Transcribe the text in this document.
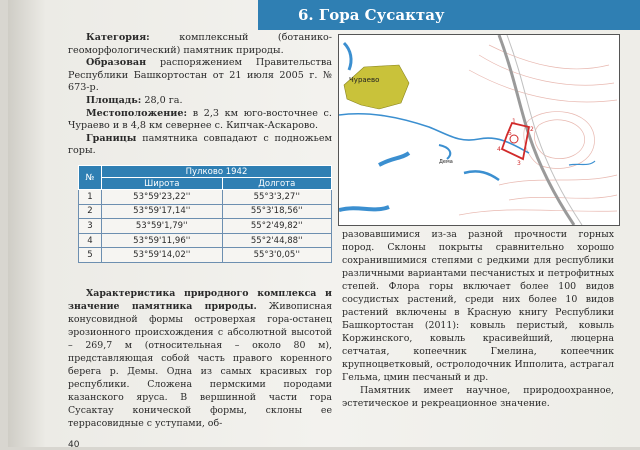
6. Гора Сусактау

Категория:	комплексный (ботанико-геоморфологический) памятник природы.

Образован распоряжением Правительства Республики Башкортостан от 21 июля 2005 г. № 673-р.

Площадь: 28,0 га.

Местоположение: в 2,3 км юго-восточнее с. Чураево и в 4,8 км севернее с. Кипчак-Аскарово.

Границы памятника совпадают с подножьем горы.

№	Пулково 1942	
	Широта	Долгота
1	53°59'23,22''	55°3'3,27''
2	53°59'17,14''	55°3'18,56''
3	53°59'1,79''	55°2'49,82''
4	53°59'11,96''	55°2'44,88''
5	53°59'14,02''	55°3'0,05''

Характеристика природного комплекса и значение памятника природы. Живописная конусовидной формы островерхая гора-останец эрозионного происхождения с абсолютной высотой – 269,7 м (относительная – около 80 м), представляющая собой часть правого коренного берега р. Демы. Одна из самых красивых гор республики. Сложена пермскими породами казанского яруса. В вершинной части гора Сусактау конической формы, склоны ее террасовидные с уступами, об-

Чураево
Дема
1
2
3
4
5

разовавшимися из-за разной прочности горных пород. Склоны покрыты сравнительно хорошо сохранившимися степями с редкими для республики различными вариантами песчанистых и петрофитных степей. Флора горы включает более 100 видов сосудистых растений, среди них более 10 видов растений включены в Красную книгу Республики Башкортостан (2011): ковыль перистый, ковыль Коржинского, ковыль красивейший, люцерна сетчатая, копеечник Гмелина, копеечник крупноцветковый, остролодочник Ипполита, астрагал Гельма, цмин песчаный и др.

Памятник имеет научное, природоохранное, эстетическое и рекреационное значение.

40
